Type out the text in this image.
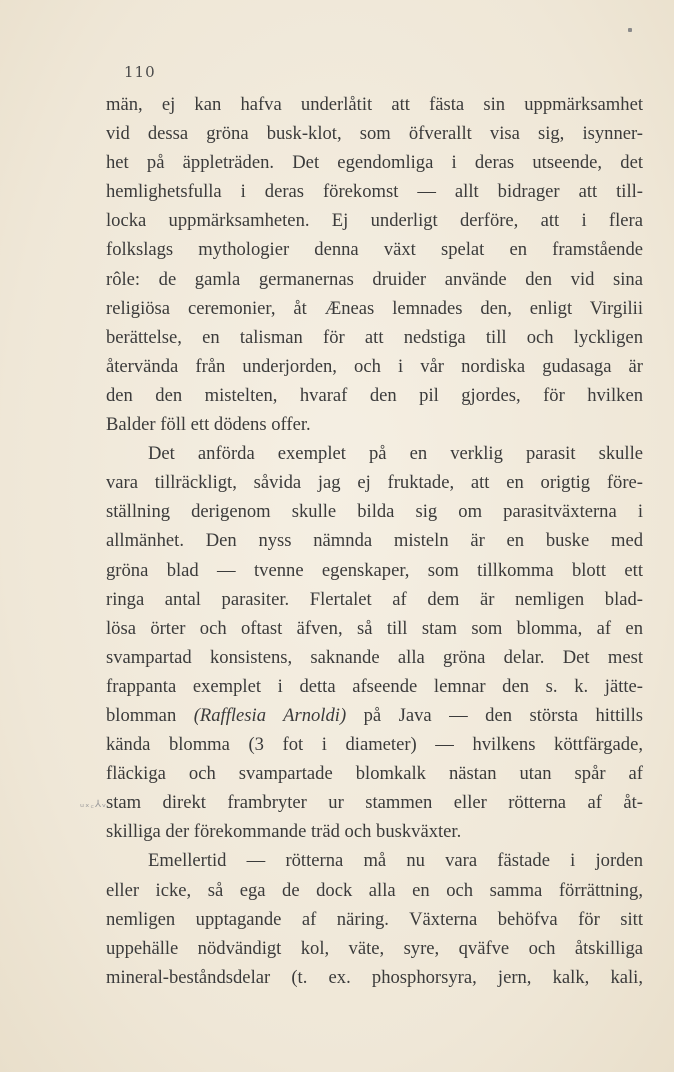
110
ᵤₓ꜀⅄ᵥ
män, ej kan hafva underlåtit att fästa sin uppmärksamhet
vid dessa gröna busk-klot, som öfverallt visa sig, isynner-
het på äppleträden. Det egendomliga i deras utseende, det
hemlighetsfulla i deras förekomst — allt bidrager att till-
locka uppmärksamheten. Ej underligt derföre, att i flera
folkslags mythologier denna växt spelat en framstående
rôle: de gamla germanernas druider använde den vid sina
religiösa ceremonier, åt Æneas lemnades den, enligt Virgilii
berättelse, en talisman för att nedstiga till och lyckligen
återvända från underjorden, och i vår nordiska gudasaga är
den den mistelten, hvaraf den pil gjordes, för hvilken
Balder föll ett dödens offer.
Det anförda exemplet på en verklig parasit skulle
vara tillräckligt, såvida jag ej fruktade, att en origtig före-
ställning derigenom skulle bilda sig om parasitväxterna i
allmänhet. Den nyss nämnda misteln är en buske med
gröna blad — tvenne egenskaper, som tillkomma blott ett
ringa antal parasiter. Flertalet af dem är nemligen blad-
lösa örter och oftast äfven, så till stam som blomma, af en
svampartad konsistens, saknande alla gröna delar. Det mest
frappanta exemplet i detta afseende lemnar den s. k. jätte-
blomman (Rafflesia Arnoldi) på Java — den största hittills
kända blomma (3 fot i diameter) — hvilkens köttfärgade,
fläckiga och svampartade blomkalk nästan utan spår af
stam direkt frambryter ur stammen eller rötterna af åt-
skilliga der förekommande träd och buskväxter.
Emellertid — rötterna må nu vara fästade i jorden
eller icke, så ega de dock alla en och samma förrättning,
nemligen upptagande af näring. Växterna behöfva för sitt
uppehälle nödvändigt kol, väte, syre, qväfve och åtskilliga
mineral-beståndsdelar (t. ex. phosphorsyra, jern, kalk, kali,
